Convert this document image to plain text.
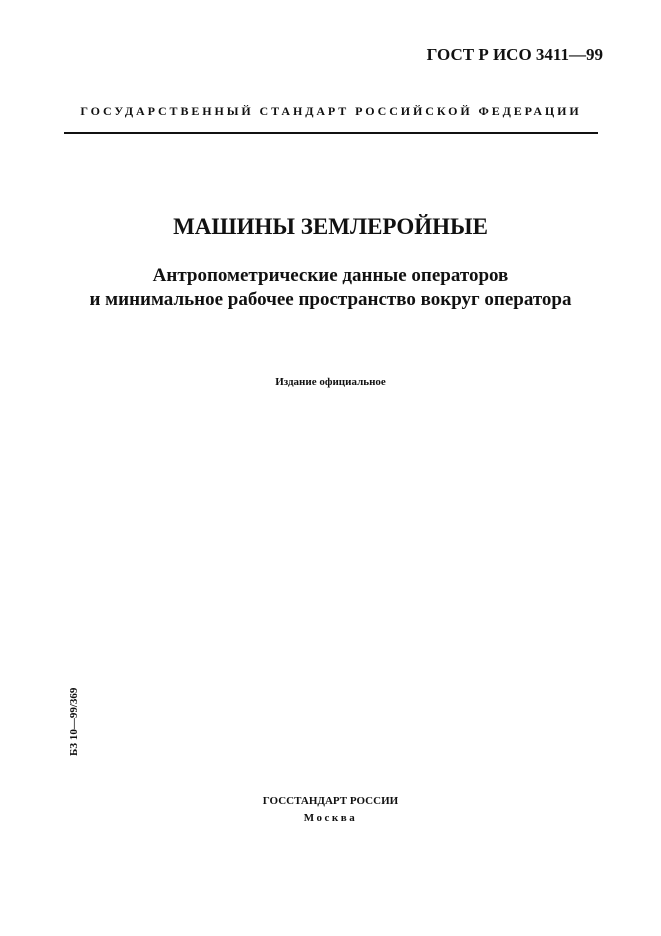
ГОСТ Р ИСО 3411—99
ГОСУДАРСТВЕННЫЙ СТАНДАРТ РОССИЙСКОЙ ФЕДЕРАЦИИ
МАШИНЫ ЗЕМЛЕРОЙНЫЕ
Антропометрические данные операторов
и минимальное рабочее пространство вокруг оператора
Издание официальное
БЗ 10—99/369
ГОССТАНДАРТ РОССИИ
Москва
